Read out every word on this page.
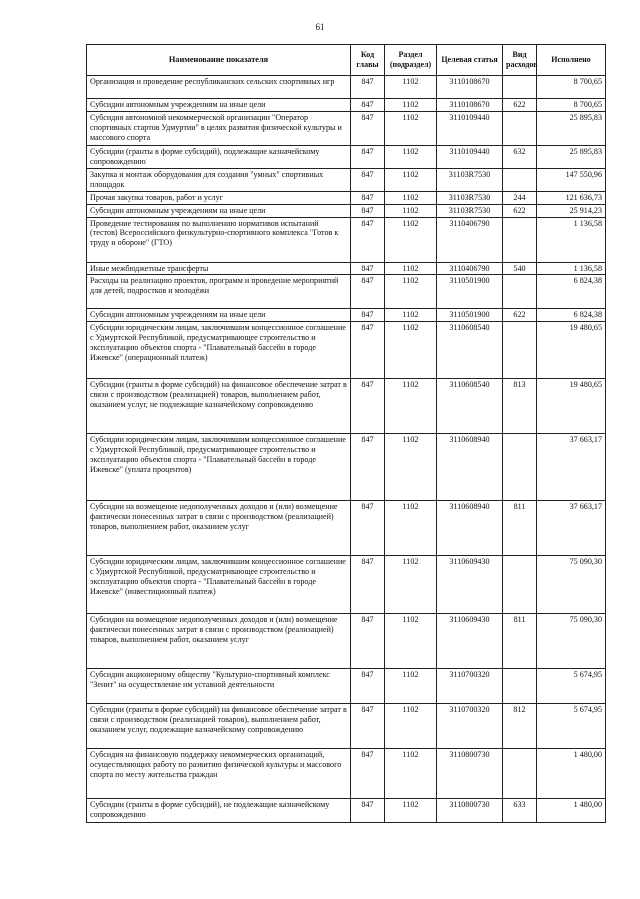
61
Наименование показателя	Код главы	Раздел (подраздел)	Целевая статья	Вид расходов	Исполнено
Организация и проведение республиканских сельских спортивных игр	847	1102	3110108670		8 700,65
Субсидии автономным учреждениям на иные цели	847	1102	3110108670	622	8 700,65
Субсидия автономной некоммерческой организации "Оператор спортивных стартов Удмуртии" в целях развития физической культуры и массового спорта	847	1102	3110109440		25 895,83
Субсидии (гранты в форме субсидий), подлежащие казначейскому сопровождению	847	1102	3110109440	632	25 895,83
Закупка и монтаж оборудования для создания "умных" спортивных площадок	847	1102	31103R7530		147 550,96
Прочая закупка товаров, работ и услуг	847	1102	31103R7530	244	121 636,73
Субсидии автономным учреждениям на иные цели	847	1102	31103R7530	622	25 914,23
Проведение тестирования по выполнению нормативов испытаний (тестов) Всероссийского физкультурно-спортивного комплекса "Готов к труду и обороне" (ГТО)	847	1102	3110406790		1 136,58
Иные межбюджетные трансферты	847	1102	3110406790	540	1 136,58
Расходы на реализацию проектов, программ и проведение мероприятий для детей, подростков и молодёжи	847	1102	3110501900		6 824,38
Субсидии автономным учреждениям на иные цели	847	1102	3110501900	622	6 824,38
Субсидии юридическим лицам, заключившим концессионное соглашение с Удмуртской Республикой, предусматривающее строительство и эксплуатацию объектов спорта - "Плавательный бассейн в городе Ижевске" (операционный платеж)	847	1102	3110608540		19 480,65
Субсидии (гранты в форме субсидий) на финансовое обеспечение затрат в связи с производством (реализацией) товаров, выполнением работ, оказанием услуг, не подлежащие казначейскому сопровождению	847	1102	3110608540	813	19 480,65
Субсидии юридическим лицам, заключившим концессионное соглашение с Удмуртской Республикой, предусматривающее строительство и эксплуатацию объектов спорта - "Плавательный бассейн в городе Ижевске" (уплата процентов)	847	1102	3110608940		37 663,17
Субсидии на возмещение недополученных доходов и (или) возмещение фактически понесенных затрат в связи с производством (реализацией) товаров, выполнением работ, оказанием услуг	847	1102	3110608940	811	37 663,17
Субсидии юридическим лицам, заключившим концессионное соглашение с Удмуртской Республикой, предусматривающее строительство и эксплуатацию объектов спорта - "Плавательный бассейн в городе Ижевске" (инвестиционный платеж)	847	1102	3110609430		75 090,30
Субсидии на возмещение недополученных доходов и (или) возмещение фактически понесенных затрат в связи с производством (реализацией) товаров, выполнением работ, оказанием услуг	847	1102	3110609430	811	75 090,30
Субсидии акционерному обществу "Культурно-спортивный комплекс "Зенит" на осуществление им уставной деятельности	847	1102	3110700320		5 674,95
Субсидии (гранты в форме субсидий) на финансовое обеспечение затрат в связи с производством (реализацией товаров), выполнением работ, оказанием услуг, подлежащие казначейскому сопровождению	847	1102	3110700320	812	5 674,95
Субсидия на финансовую поддержку некоммерческих организаций, осуществляющих работу по развитию физической культуры и массового спорта по месту жительства граждан	847	1102	3110800730		1 480,00
Субсидии (гранты в форме субсидий), не подлежащие казначейскому сопровождению	847	1102	3110800730	633	1 480,00
